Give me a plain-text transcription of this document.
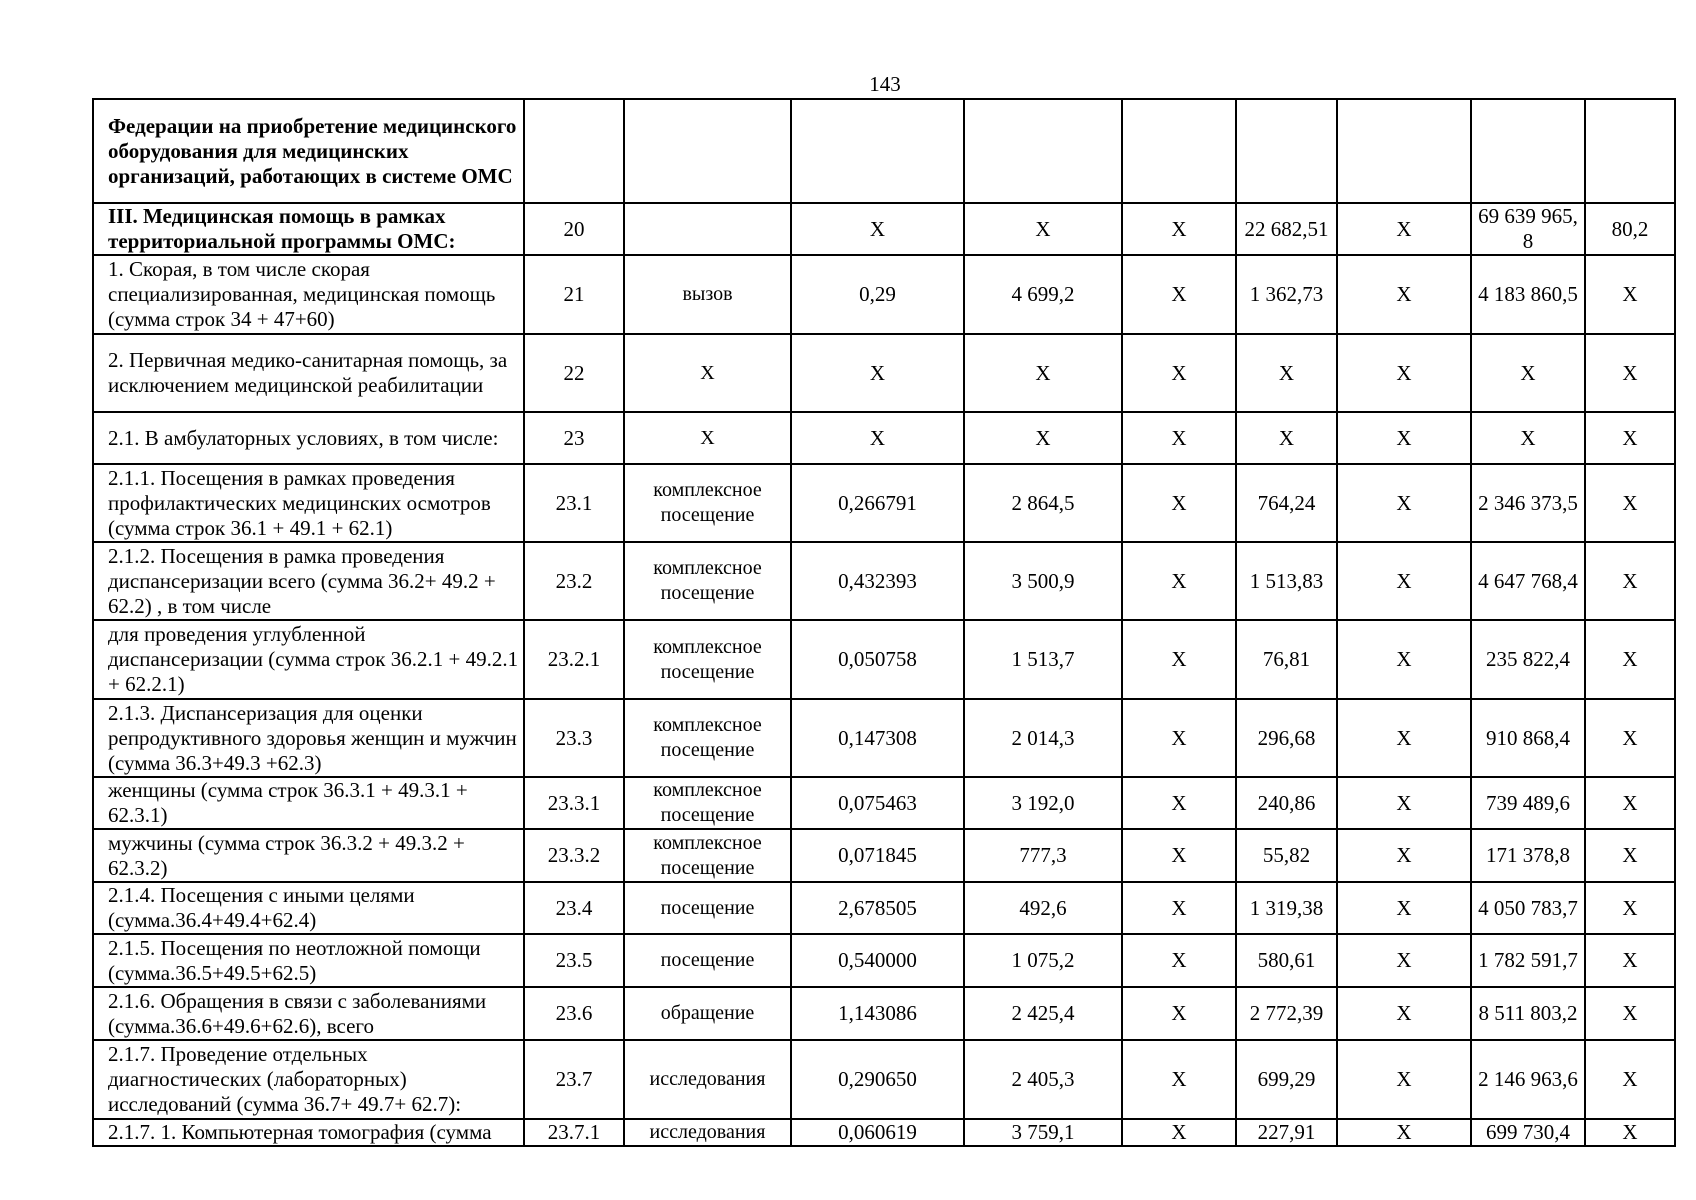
143
Федерации на приобретение медицинского оборудования для медицинских организаций, работающих в системе ОМС									
III. Медицинская помощь в рамках территориальной программы ОМС:	20		X	X	X	22 682,51	X	69 639 965, 8	80,2
1. Скорая, в том числе скорая специализированная, медицинская помощь (сумма строк 34 + 47+60)	21	вызов	0,29	4 699,2	X	1 362,73	X	4 183 860,5	X
2. Первичная медико-санитарная помощь, за исключением медицинской реабилитации	22	X	X	X	X	X	X	X	X
2.1. В амбулаторных условиях, в том числе:	23	X	X	X	X	X	X	X	X
2.1.1. Посещения в рамках проведения профилактических медицинских осмотров (сумма строк 36.1 + 49.1 + 62.1)	23.1	комплексное посещение	0,266791	2 864,5	X	764,24	X	2 346 373,5	X
2.1.2. Посещения в рамка проведения диспансеризации всего (сумма 36.2+ 49.2 + 62.2) , в том числе	23.2	комплексное посещение	0,432393	3 500,9	X	1 513,83	X	4 647 768,4	X
для проведения углубленной диспансеризации (сумма строк 36.2.1 + 49.2.1 + 62.2.1)	23.2.1	комплексное посещение	0,050758	1 513,7	X	76,81	X	235 822,4	X
2.1.3. Диспансеризация для оценки репродуктивного здоровья женщин и мужчин (сумма 36.3+49.3 +62.3)	23.3	комплексное посещение	0,147308	2 014,3	X	296,68	X	910 868,4	X
женщины (сумма строк 36.3.1 + 49.3.1 + 62.3.1)	23.3.1	комплексное посещение	0,075463	3 192,0	X	240,86	X	739 489,6	X
мужчины (сумма строк 36.3.2 + 49.3.2 + 62.3.2)	23.3.2	комплексное посещение	0,071845	777,3	X	55,82	X	171 378,8	X
2.1.4. Посещения с иными целями (сумма.36.4+49.4+62.4)	23.4	посещение	2,678505	492,6	X	1 319,38	X	4 050 783,7	X
2.1.5. Посещения по неотложной помощи (сумма.36.5+49.5+62.5)	23.5	посещение	0,540000	1 075,2	X	580,61	X	1 782 591,7	X
2.1.6. Обращения в связи с заболеваниями (сумма.36.6+49.6+62.6), всего	23.6	обращение	1,143086	2 425,4	X	2 772,39	X	8 511 803,2	X
2.1.7. Проведение отдельных диагностических (лабораторных) исследований (сумма 36.7+ 49.7+ 62.7):	23.7	исследования	0,290650	2 405,3	X	699,29	X	2 146 963,6	X
2.1.7. 1. Компьютерная томография (сумма	23.7.1	исследования	0,060619	3 759,1	X	227,91	X	699 730,4	X
